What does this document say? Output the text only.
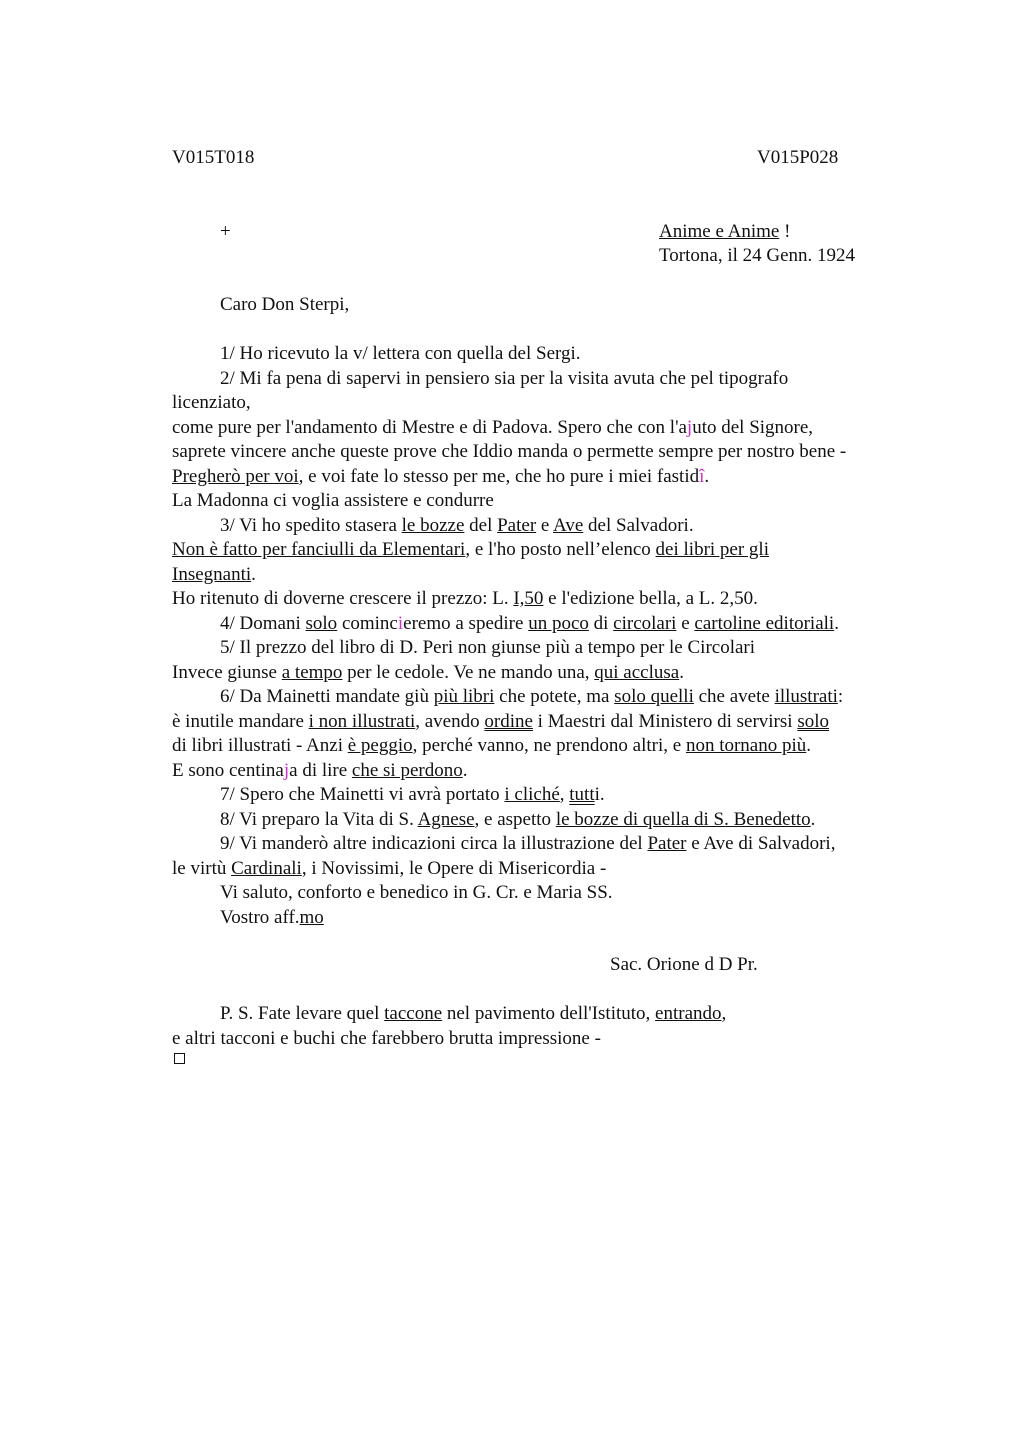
V015T018	V015P028
+	Anime e Anime !
Tortona, il 24 Genn. 1924
Caro Don Sterpi,
1/ Ho ricevuto la v/ lettera con quella del Sergi.
2/ Mi fa pena di sapervi in pensiero sia per la visita avuta che pel tipografo
licenziato,
come pure per l'andamento di Mestre e di Padova. Spero che con l'ajuto del Signore,
saprete vincere anche queste prove che Iddio manda o permette sempre per nostro bene -
Pregherò per voi, e voi fate lo stesso per me, che ho pure i miei fastidî.
La Madonna ci voglia assistere e condurre
3/ Vi ho spedito stasera le bozze del Pater e Ave del Salvadori.
Non è fatto per fanciulli da Elementari, e l'ho posto nell’elenco dei libri per gli
Insegnanti.
Ho ritenuto di doverne crescere il prezzo: L. I,50 e l'edizione bella, a L. 2,50.
4/ Domani solo comincieremo a spedire un poco di circolari e cartoline editoriali.
5/ Il prezzo del libro di D. Peri non giunse più a tempo per le Circolari
Invece giunse a tempo per le cedole. Ve ne mando una, qui acclusa.
6/ Da Mainetti mandate giù più libri che potete, ma solo quelli che avete illustrati:
è inutile mandare i non illustrati, avendo ordine i Maestri dal Ministero di servirsi solo
di libri illustrati - Anzi è peggio, perché vanno, ne prendono altri, e non tornano più.
E sono centinaja di lire che si perdono.
7/ Spero che Mainetti vi avrà portato i cliché, tutti.
8/ Vi preparo la Vita di S. Agnese, e aspetto le bozze di quella di S. Benedetto.
9/ Vi manderò altre indicazioni circa la illustrazione del Pater e Ave di Salvadori,
le virtù Cardinali, i Novissimi, le Opere di Misericordia -
Vi saluto, conforto e benedico in G. Cr. e Maria SS.
Vostro aff.mo
Sac. Orione d D Pr.
P. S. Fate levare quel taccone nel pavimento dell'Istituto, entrando,
e altri tacconi e buchi che farebbero brutta impressione -
